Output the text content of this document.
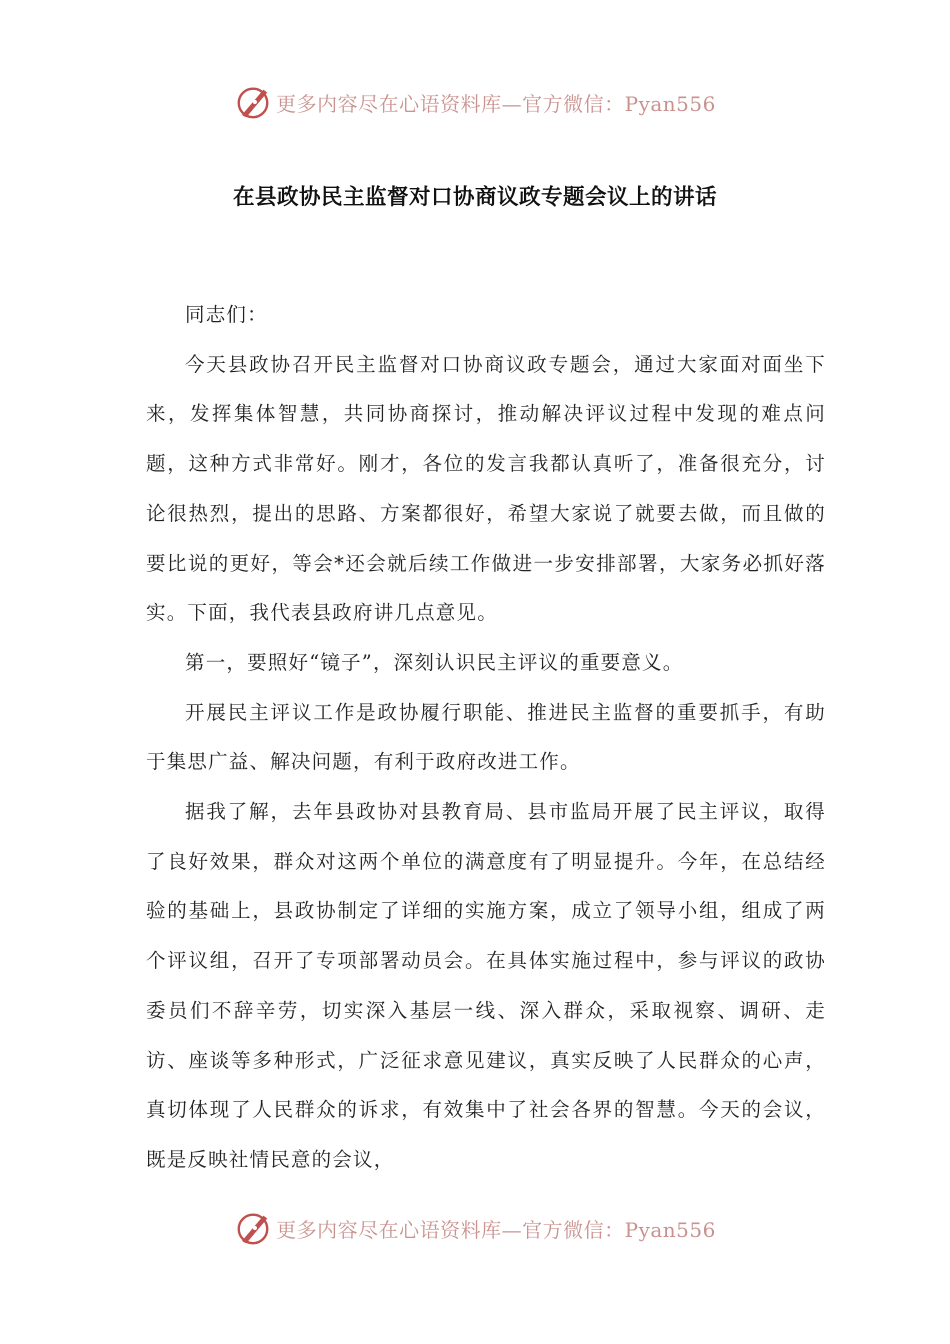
更多内容尽在心语资料库—官方微信：Pyan556
在县政协民主监督对口协商议政专题会议上的讲话

同志们：

今天县政协召开民主监督对口协商议政专题会，通过大家面对面坐下来，发挥集体智慧，共同协商探讨，推动解决评议过程中发现的难点问题，这种方式非常好。刚才，各位的发言我都认真听了，准备很充分，讨论很热烈，提出的思路、方案都很好，希望大家说了就要去做，而且做的要比说的更好，等会*还会就后续工作做进一步安排部署，大家务必抓好落实。下面，我代表县政府讲几点意见。

第一，要照好“镜子”，深刻认识民主评议的重要意义。

开展民主评议工作是政协履行职能、推进民主监督的重要抓手，有助于集思广益、解决问题，有利于政府改进工作。

据我了解，去年县政协对县教育局、县市监局开展了民主评议，取得了良好效果，群众对这两个单位的满意度有了明显提升。今年，在总结经验的基础上，县政协制定了详细的实施方案，成立了领导小组，组成了两个评议组，召开了专项部署动员会。在具体实施过程中，参与评议的政协委员们不辞辛劳，切实深入基层一线、深入群众，采取视察、调研、走访、座谈等多种形式，广泛征求意见建议，真实反映了人民群众的心声，真切体现了人民群众的诉求，有效集中了社会各界的智慧。今天的会议，既是反映社情民意的会议，

更多内容尽在心语资料库—官方微信：Pyan556
